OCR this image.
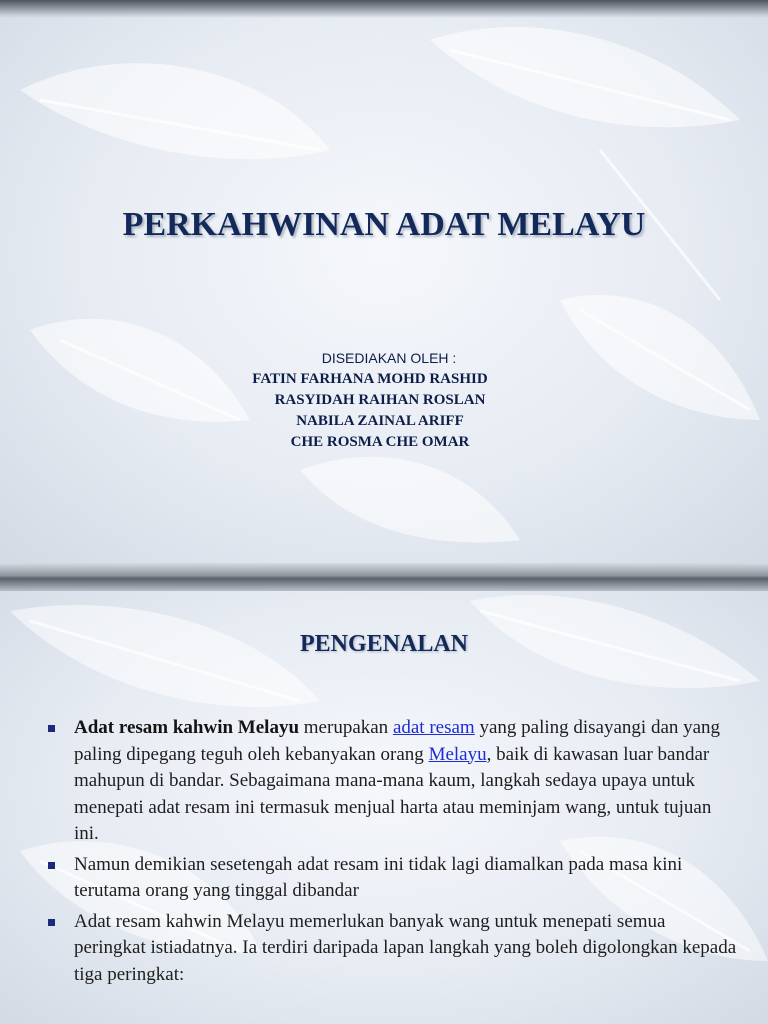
PERKAHWINAN ADAT MELAYU
DISEDIAKAN OLEH :
FATIN FARHANA MOHD RASHID
RASYIDAH RAIHAN ROSLAN
NABILA ZAINAL ARIFF
CHE ROSMA CHE OMAR
PENGENALAN
Adat resam kahwin Melayu merupakan adat resam yang paling disayangi dan yang paling dipegang teguh oleh kebanyakan orang Melayu, baik di kawasan luar bandar mahupun di bandar. Sebagaimana mana-mana kaum, langkah sedaya upaya untuk menepati adat resam ini termasuk menjual harta atau meminjam wang, untuk tujuan ini.
Namun demikian sesetengah adat resam ini tidak lagi diamalkan pada masa kini terutama orang yang tinggal dibandar
Adat resam kahwin Melayu memerlukan banyak wang untuk menepati semua peringkat istiadatnya. Ia terdiri daripada lapan langkah yang boleh digolongkan kepada tiga peringkat:
